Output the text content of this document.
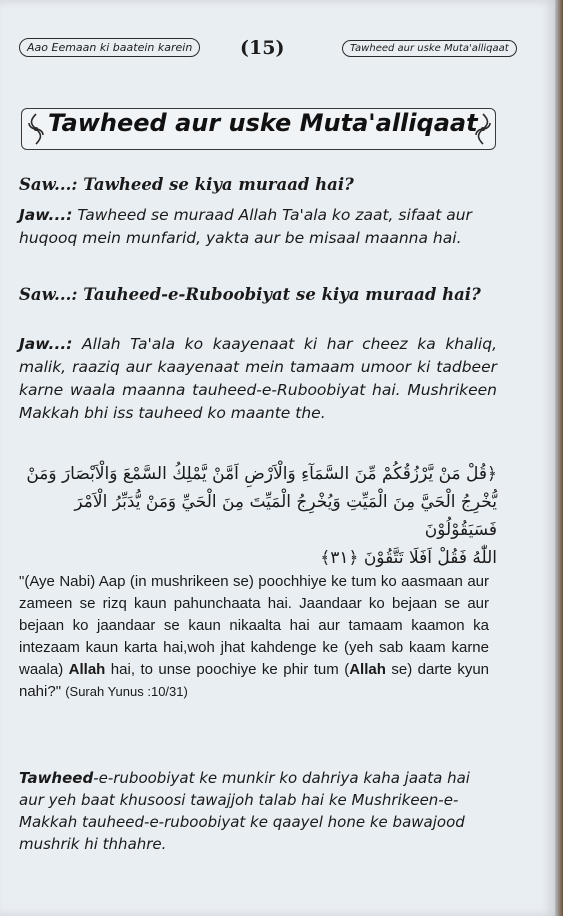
Aao Eemaan ki baatein karein	(15)	Tawheed aur uske Muta'alliqaat
Tawheed aur uske Muta'alliqaat
Saw...: Tawheed se kiya muraad hai?
Jaw...: Tawheed se muraad Allah Ta'ala ko zaat, sifaat aur huqooq mein munfarid, yakta aur be misaal maanna hai.
Saw...: Tauheed-e-Ruboobiyat se kiya muraad hai?
Jaw...: Allah Ta'ala ko kaayenaat ki har cheez ka khaliq, malik, raaziq aur kaayenaat mein tamaam umoor ki tadbeer karne waala maanna tauheed-e-Ruboobiyat hai. Mushrikeen Makkah bhi iss tauheed ko maante the.
﴿قُلْ مَنْ يَّرْزُقُكُمْ مِّنَ السَّمَآءِ وَالْاَرْضِ اَمَّنْ يَّمْلِكُ السَّمْعَ وَالْاَبْصَارَ وَمَنْ
يُّخْرِجُ الْحَيَّ مِنَ الْمَيِّتِ وَيُخْرِجُ الْمَيِّتَ مِنَ الْحَيِّ وَمَنْ يُّدَبِّرُ الْاَمْرَ فَسَيَقُوْلُوْنَ
اللّٰهُ فَقُلْ اَفَلَا تَتَّقُوْنَ ﴿٣١﴾
"(Aye Nabi) Aap (in mushrikeen se) poochhiye ke tum ko aasmaan aur zameen se rizq kaun pahunchaata hai. Jaandaar ko bejaan se aur bejaan ko jaandaar se kaun nikaalta hai aur tamaam kaamon ka intezaam kaun karta hai,woh jhat kahdenge ke (yeh sab kaam karne waala) Allah hai, to unse poochiye ke phir tum (Allah se) darte kyun nahi?" (Surah Yunus :10/31)
Tawheed-e-ruboobiyat ke munkir ko dahriya kaha jaata hai aur yeh baat khusoosi tawajjoh talab hai ke Mushrikeen-e-Makkah tauheed-e-ruboobiyat ke qaayel hone ke bawajood mushrik hi thhahre.
